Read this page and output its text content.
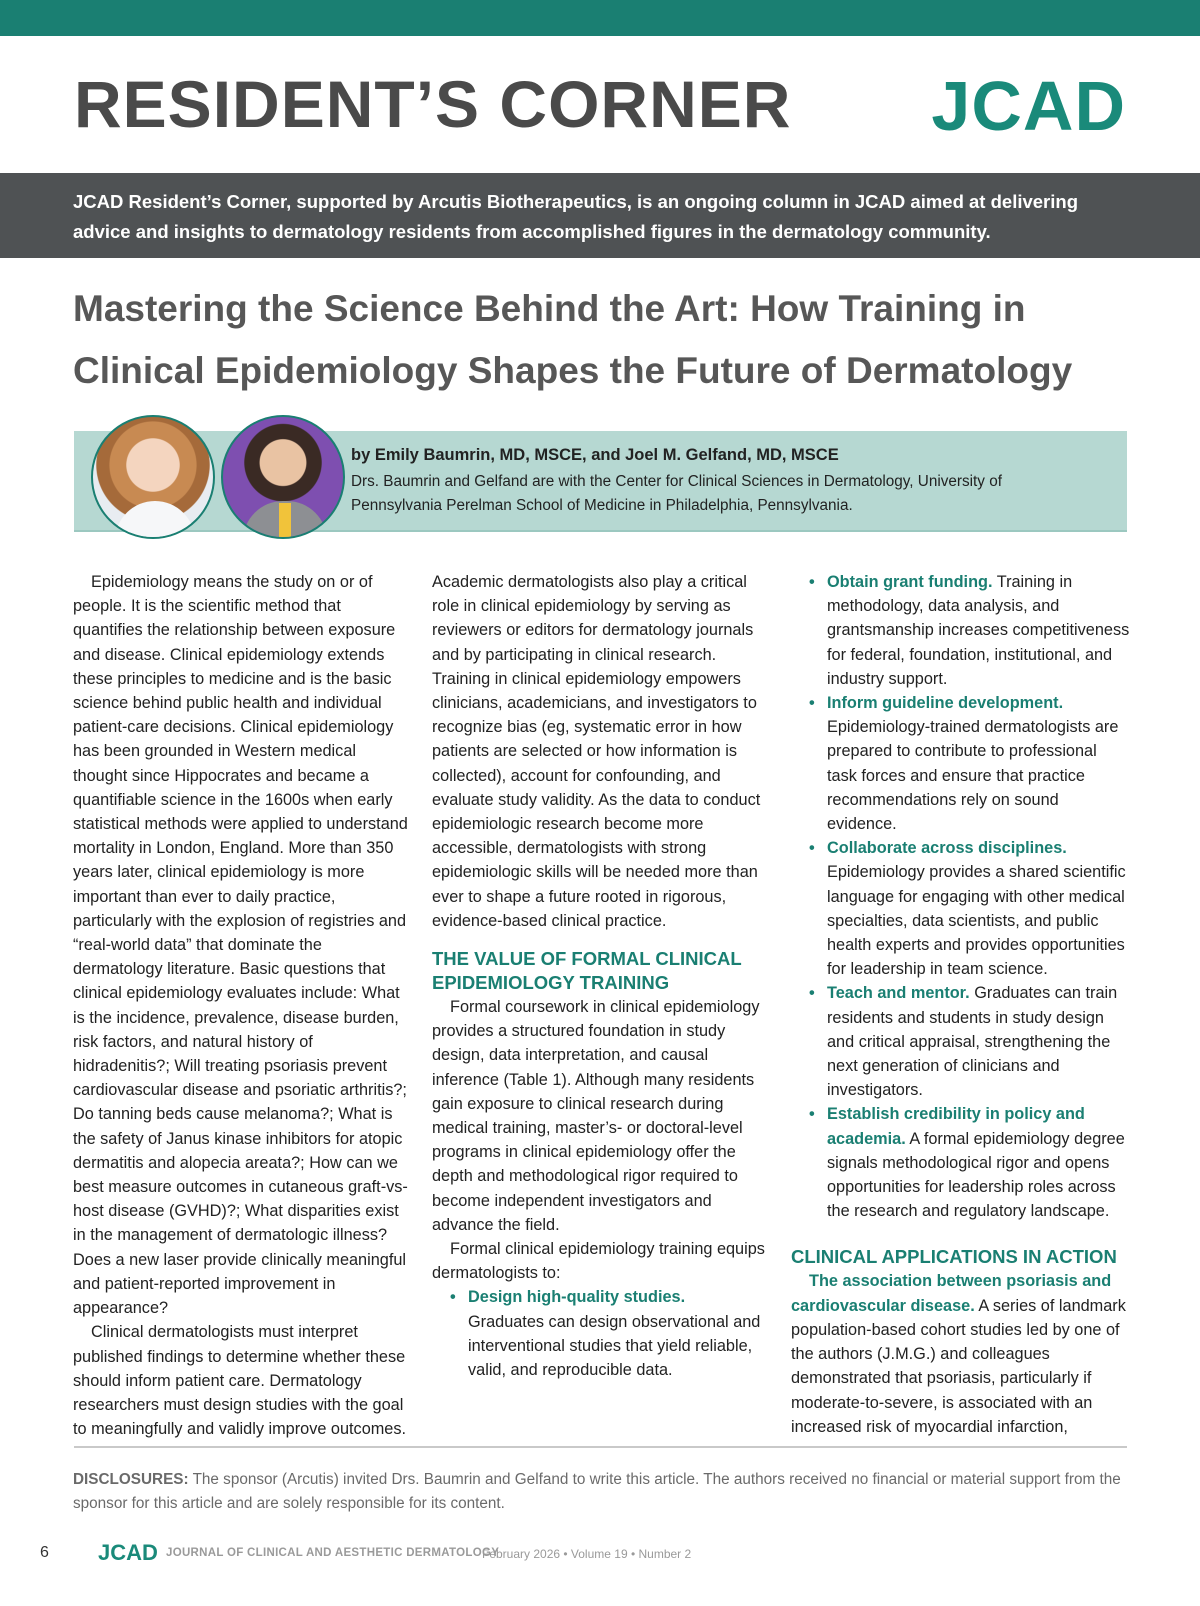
RESIDENT’S CORNER JCAD
JCAD Resident’s Corner, supported by Arcutis Biotherapeutics, is an ongoing column in JCAD aimed at delivering advice and insights to dermatology residents from accomplished figures in the dermatology community.
Mastering the Science Behind the Art: How Training in Clinical Epidemiology Shapes the Future of Dermatology
by Emily Baumrin, MD, MSCE, and Joel M. Gelfand, MD, MSCE
Drs. Baumrin and Gelfand are with the Center for Clinical Sciences in Dermatology, University of Pennsylvania Perelman School of Medicine in Philadelphia, Pennsylvania.

Epidemiology means the study on or of people. It is the scientific method that quantifies the relationship between exposure and disease. Clinical epidemiology extends these principles to medicine and is the basic science behind public health and individual patient-care decisions. Clinical epidemiology has been grounded in Western medical thought since Hippocrates and became a quantifiable science in the 1600s when early statistical methods were applied to understand mortality in London, England. More than 350 years later, clinical epidemiology is more important than ever to daily practice, particularly with the explosion of registries and “real-world data” that dominate the dermatology literature. Basic questions that clinical epidemiology evaluates include: What is the incidence, prevalence, disease burden, risk factors, and natural history of hidradenitis?; Will treating psoriasis prevent cardiovascular disease and psoriatic arthritis?; Do tanning beds cause melanoma?; What is the safety of Janus kinase inhibitors for atopic dermatitis and alopecia areata?; How can we best measure outcomes in cutaneous graft-vs-host disease (GVHD)?; What disparities exist in the management of dermatologic illness? Does a new laser provide clinically meaningful and patient-reported improvement in appearance?

Clinical dermatologists must interpret published findings to determine whether these should inform patient care. Dermatology researchers must design studies with the goal to meaningfully and validly improve outcomes.

Academic dermatologists also play a critical role in clinical epidemiology by serving as reviewers or editors for dermatology journals and by participating in clinical research. Training in clinical epidemiology empowers clinicians, academicians, and investigators to recognize bias (eg, systematic error in how patients are selected or how information is collected), account for confounding, and evaluate study validity. As the data to conduct epidemiologic research become more accessible, dermatologists with strong epidemiologic skills will be needed more than ever to shape a future rooted in rigorous, evidence-based clinical practice.

THE VALUE OF FORMAL CLINICAL EPIDEMIOLOGY TRAINING

Formal coursework in clinical epidemiology provides a structured foundation in study design, data interpretation, and causal inference (Table 1). Although many residents gain exposure to clinical research during medical training, master’s- or doctoral-level programs in clinical epidemiology offer the depth and methodological rigor required to become independent investigators and advance the field.

Formal clinical epidemiology training equips dermatologists to:

• Design high-quality studies.
Graduates can design observational and interventional studies that yield reliable, valid, and reproducible data.
• Obtain grant funding. Training in methodology, data analysis, and grantsmanship increases competitiveness for federal, foundation, institutional, and industry support.
• Inform guideline development. Epidemiology-trained dermatologists are prepared to contribute to professional task forces and ensure that practice recommendations rely on sound evidence.
• Collaborate across disciplines. Epidemiology provides a shared scientific language for engaging with other medical specialties, data scientists, and public health experts and provides opportunities for leadership in team science.
• Teach and mentor. Graduates can train residents and students in study design and critical appraisal, strengthening the next generation of clinicians and investigators.
• Establish credibility in policy and academia. A formal epidemiology degree signals methodological rigor and opens opportunities for leadership roles across the research and regulatory landscape.
CLINICAL APPLICATIONS IN ACTION

The association between psoriasis and cardiovascular disease. A series of landmark population-based cohort studies led by one of the authors (J.M.G.) and colleagues demonstrated that psoriasis, particularly if moderate-to-severe, is associated with an increased risk of myocardial infarction,

DISCLOSURES: The sponsor (Arcutis) invited Drs. Baumrin and Gelfand to write this article. The authors received no financial or material support from the sponsor for this article and are solely responsible for its content.
6 JCAD JOURNAL OF CLINICAL AND AESTHETIC DERMATOLOGY
February 2026 • Volume 19 • Number 2
